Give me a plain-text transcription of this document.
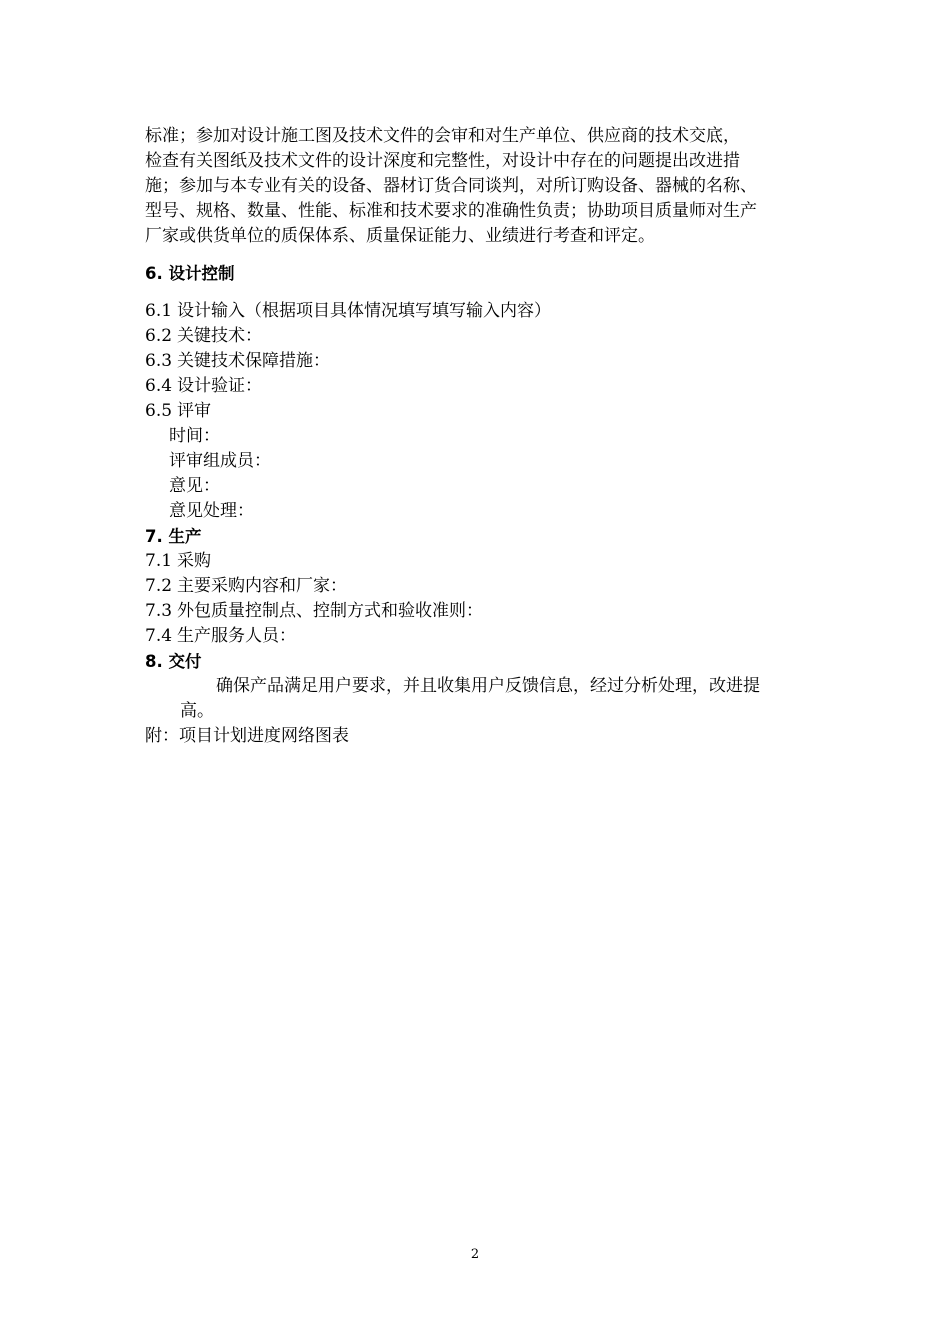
标准；参加对设计施工图及技术文件的会审和对生产单位、供应商的技术交底，
检查有关图纸及技术文件的设计深度和完整性，对设计中存在的问题提出改进措
施；参加与本专业有关的设备、器材订货合同谈判，对所订购设备、器械的名称、
型号、规格、数量、性能、标准和技术要求的准确性负责；协助项目质量师对生产
厂家或供货单位的质保体系、质量保证能力、业绩进行考查和评定。

6. 设计控制

6.1 设计输入（根据项目具体情况填写填写输入内容）

6.2 关键技术：

6.3 关键技术保障措施：

6.4 设计验证：

6.5 评审

时间：

评审组成员：

意见：

意见处理：

7. 生产

7.1 采购

7.2 主要采购内容和厂家：

7.3 外包质量控制点、控制方式和验收准则：

7.4 生产服务人员：

8. 交付

确保产品满足用户要求，并且收集用户反馈信息，经过分析处理，改进提
高。

附：项目计划进度网络图表

2
